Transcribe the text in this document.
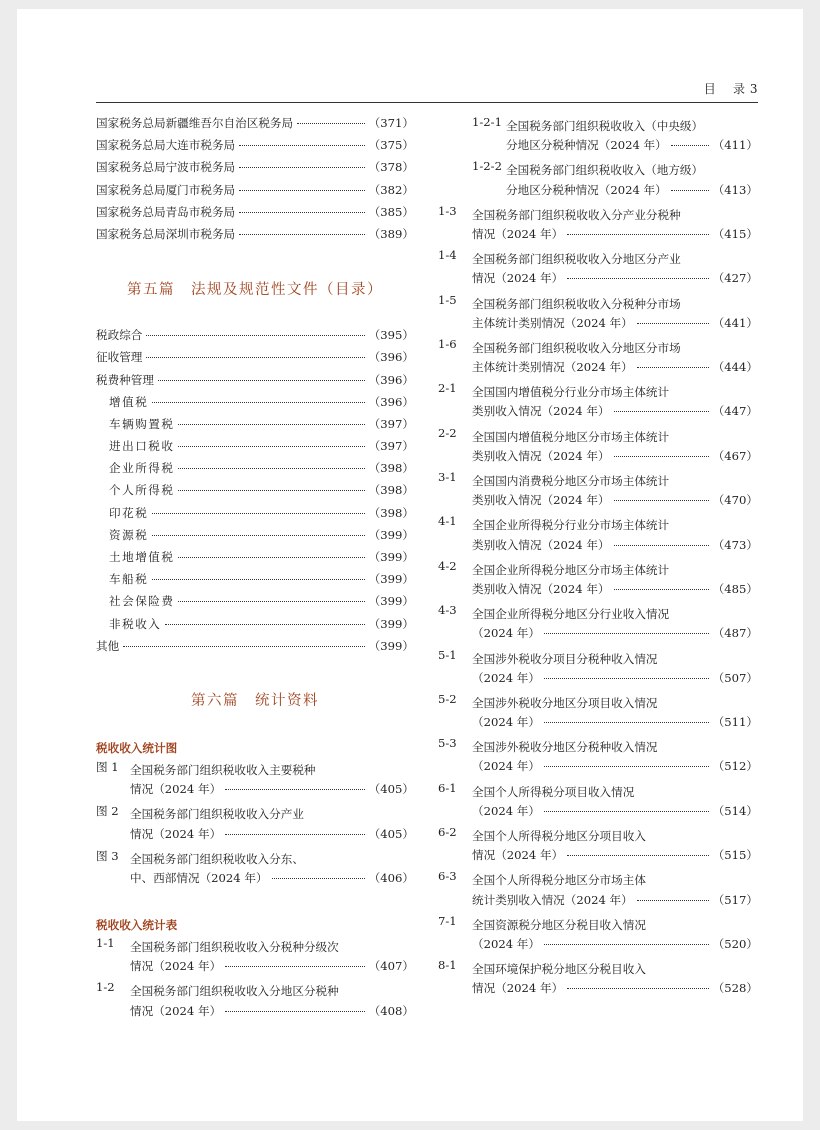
目　 录 3
国家税务总局新疆维吾尔自治区税务局	（371）
国家税务总局大连市税务局	（375）
国家税务总局宁波市税务局	（378）
国家税务总局厦门市税务局	（382）
国家税务总局青岛市税务局	（385）
国家税务总局深圳市税务局	（389）
第五篇　法规及规范性文件（目录）
税政综合	（395）
征收管理	（396）
税费种管理	（396）
增值税	（396）
车辆购置税	（397）
进出口税收	（397）
企业所得税	（398）
个人所得税	（398）
印花税	（398）
资源税	（399）
土地增值税	（399）
车船税	（399）
社会保险费	（399）
非税收入	（399）
其他	（399）
第六篇　统计资料
税收收入统计图
图 1 全国税务部门组织税收收入主要税种
情况（2024 年）	（405）
图 2 全国税务部门组织税收收入分产业
情况（2024 年）	（405）
图 3 全国税务部门组织税收收入分东、
中、西部情况（2024 年）	（406）
税收收入统计表
1-1	全国税务部门组织税收收入分税种分级次
情况（2024 年）	（407）
1-2	全国税务部门组织税收收入分地区分税种
情况（2024 年）	（408）
1-2-1 全国税务部门组织税收收入（中央级）
分地区分税种情况（2024 年）	（411）
1-2-2 全国税务部门组织税收收入（地方级）
分地区分税种情况（2024 年）	（413）
1-3	全国税务部门组织税收收入分产业分税种
情况（2024 年）	（415）
1-4	全国税务部门组织税收收入分地区分产业
情况（2024 年）	（427）
1-5	全国税务部门组织税收收入分税种分市场
主体统计类别情况（2024 年）	（441）
1-6	全国税务部门组织税收收入分地区分市场
主体统计类别情况（2024 年）	（444）
2-1	全国国内增值税分行业分市场主体统计
类别收入情况（2024 年）	（447）
2-2	全国国内增值税分地区分市场主体统计
类别收入情况（2024 年）	（467）
3-1	全国国内消费税分地区分市场主体统计
类别收入情况（2024 年）	（470）
4-1	全国企业所得税分行业分市场主体统计
类别收入情况（2024 年）	（473）
4-2	全国企业所得税分地区分市场主体统计
类别收入情况（2024 年）	（485）
4-3	全国企业所得税分地区分行业收入情况
（2024 年）	（487）
5-1	全国涉外税收分项目分税种收入情况
（2024 年）	（507）
5-2	全国涉外税收分地区分项目收入情况
（2024 年）	（511）
5-3	全国涉外税收分地区分税种收入情况
（2024 年）	（512）
6-1	全国个人所得税分项目收入情况
（2024 年）	（514）
6-2	全国个人所得税分地区分项目收入
情况（2024 年）	（515）
6-3	全国个人所得税分地区分市场主体
统计类别收入情况（2024 年）	（517）
7-1	全国资源税分地区分税目收入情况
（2024 年）	（520）
8-1	全国环境保护税分地区分税目收入
情况（2024 年）	（528）
